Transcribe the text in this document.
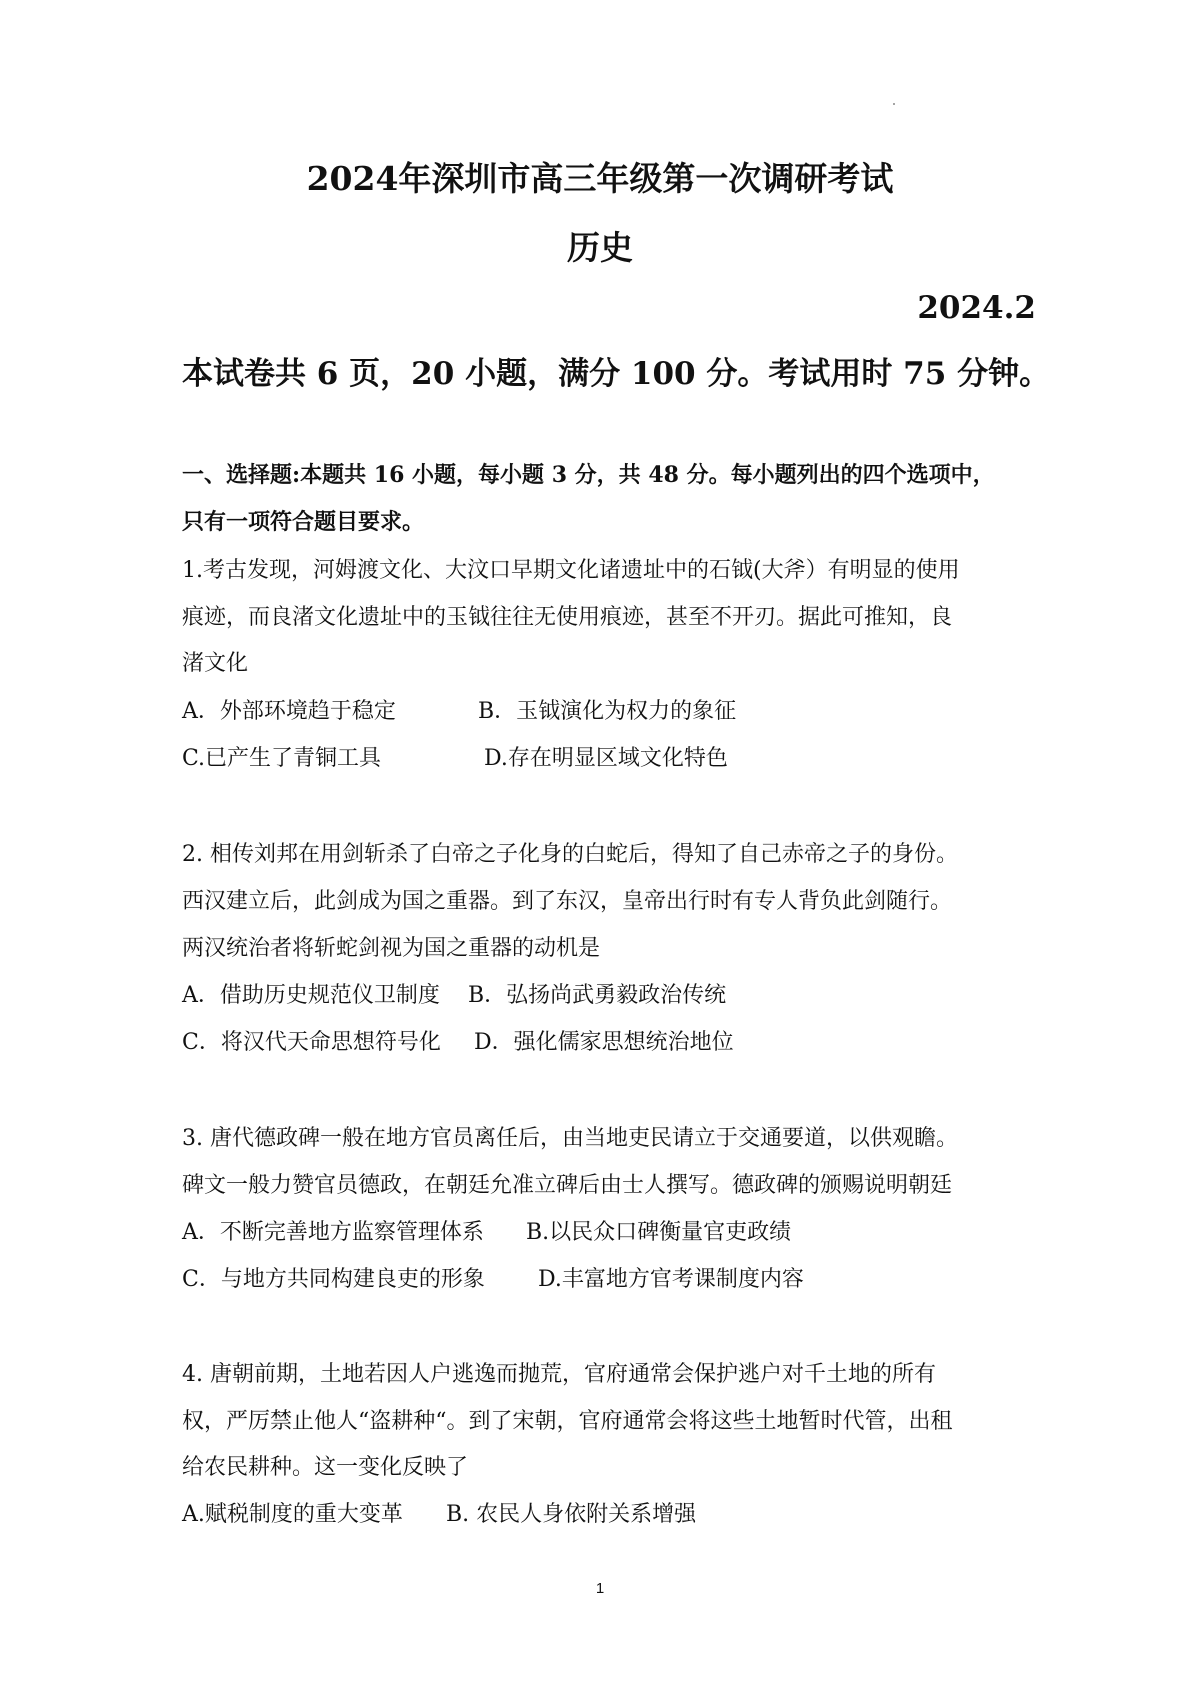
2024年深圳市高三年级第一次调研考试
历史
2024.2
本试卷共 6 页，20 小题，满分 100 分。考试用时 75 分钟。
一、选择题:本题共 16 小题，每小题 3 分，共 48 分。每小题列出的四个选项中，
只有一项符合题目要求。
1.考古发现，河姆渡文化、大汶口早期文化诸遗址中的石钺(大斧）有明显的使用
痕迹，而良渚文化遗址中的玉钺往往无使用痕迹，甚至不开刃。据此可推知，良
渚文化
A．外部环境趋于稳定	B．玉钺演化为权力的象征
C.已产生了青铜工具	D.存在明显区域文化特色
2. 相传刘邦在用剑斩杀了白帝之子化身的白蛇后，得知了自己赤帝之子的身份。
西汉建立后，此剑成为国之重器。到了东汉，皇帝出行时有专人背负此剑随行。
两汉统治者将斩蛇剑视为国之重器的动机是
A．借助历史规范仪卫制度 B．弘扬尚武勇毅政治传统
C．将汉代天命思想符号化 D．强化儒家思想统治地位
3. 唐代德政碑一般在地方官员离任后，由当地吏民请立于交通要道，以供观瞻。
碑文一般力赞官员德政，在朝廷允准立碑后由士人撰写。德政碑的颁赐说明朝廷
A．不断完善地方监察管理体系 B.以民众口碑衡量官吏政绩
C．与地方共同构建良吏的形象 D.丰富地方官考课制度内容
4. 唐朝前期，土地若因人户逃逸而抛荒，官府通常会保护逃户对千土地的所有
权，严厉禁止他人“盗耕种“。到了宋朝，官府通常会将这些土地暂时代管，出租
给农民耕种。这一变化反映了
A.赋税制度的重大变革 B. 农民人身依附关系增强
1
